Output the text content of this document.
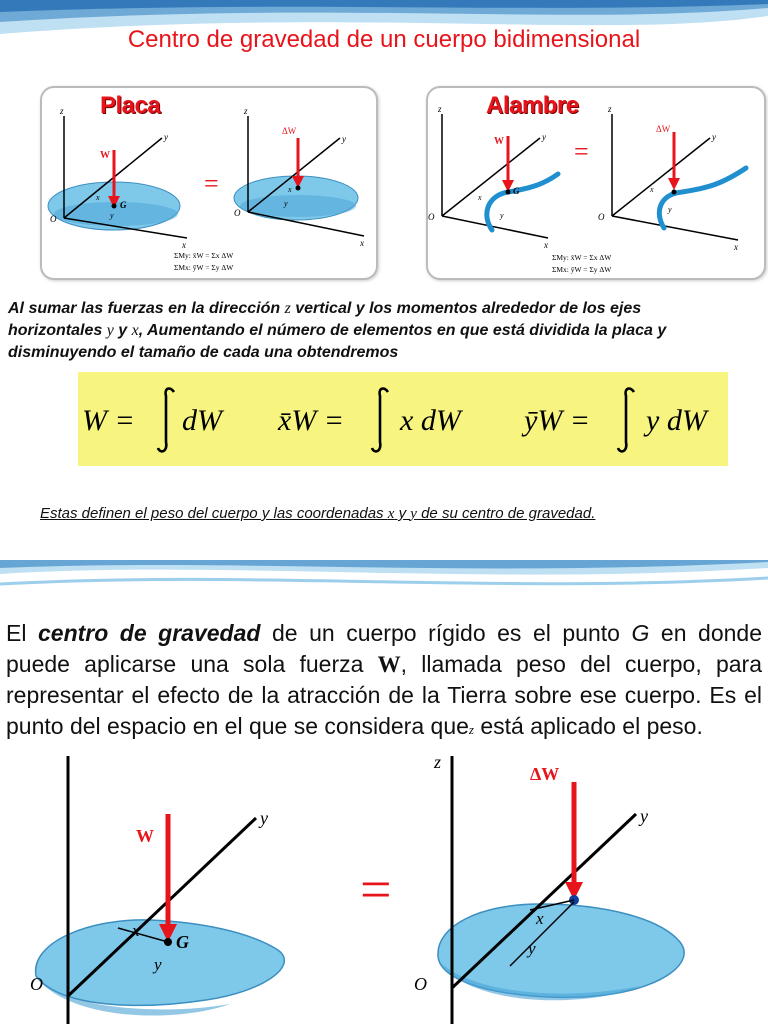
Centro de gravedad de un cuerpo bidimensional
Placa
z
y
x
O
G
W
x
y
=
z
y
x
O
ΔW
x
y
ΣMy: x̄W = Σx ΔW
ΣMx: ȳW = Σy ΔW
Alambre
z
y
x
O
G
W
x
y
=
z
y
x
O
ΔW
x
y
ΣMy: x̄W = Σx ΔW
ΣMx: ȳW = Σy ΔW
Al sumar las fuerzas en la dirección z vertical y los momentos alrededor de los ejes horizontales y y x, Aumentando el número de elementos en que está dividida la placa y disminuyendo el tamaño de cada una obtendremos
W = dW x̄W = x dW ȳW = y dW
Estas definen el peso del cuerpo y las coordenadas x y y de su centro de gravedad.
El centro de gravedad de un cuerpo rígido es el punto G en donde puede aplicarse una sola fuerza W, llamada peso del cuerpo, para representar el efecto de la atracción de la Tierra sobre ese cuerpo. Es el punto del espacio en el que se considera quez está aplicado el peso.
y
O
G
W
x
y
=
z
y
O
ΔW
x
y
